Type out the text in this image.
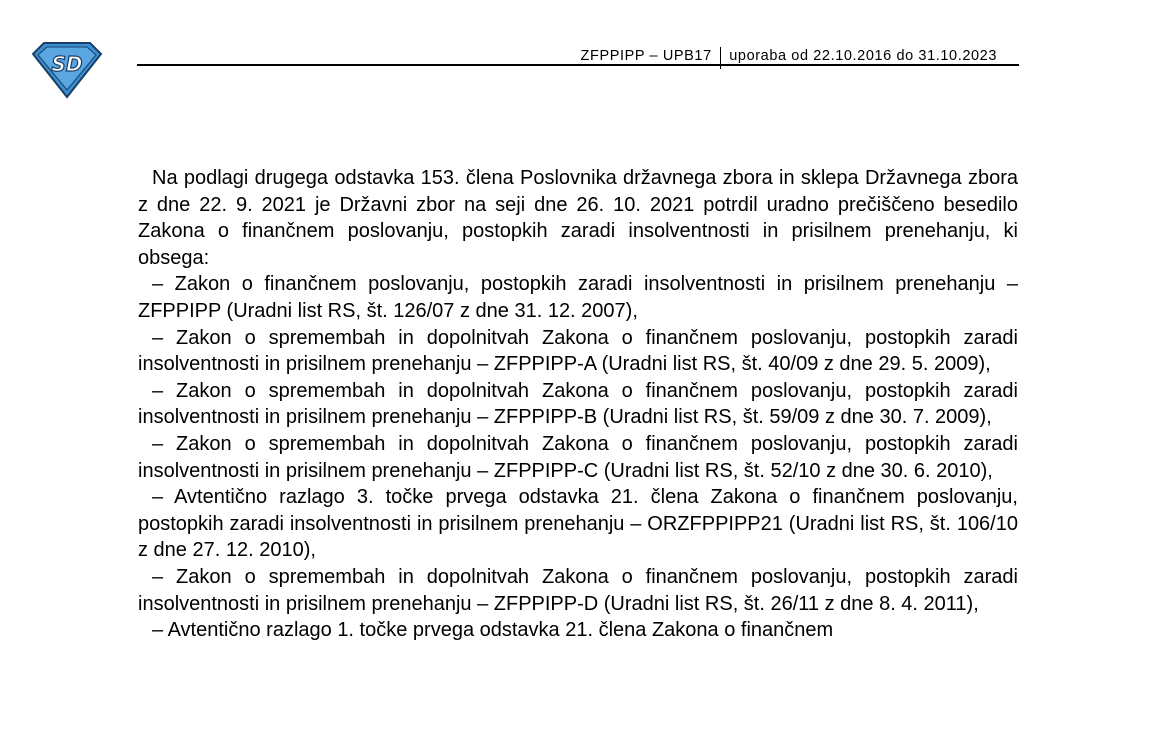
SD	ZFPPIPP – UPB17 uporaba od 22.10.2016 do 31.10.2023

Na podlagi drugega odstavka 153. člena Poslovnika državnega zbora in sklepa Državnega zbora z dne 22. 9. 2021 je Državni zbor na seji dne 26. 10. 2021 potrdil uradno prečiščeno besedilo Zakona o finančnem poslovanju, postopkih zaradi insolventnosti in prisilnem prenehanju, ki obsega:

– Zakon o finančnem poslovanju, postopkih zaradi insolventnosti in prisilnem prenehanju – ZFPPIPP (Uradni list RS, št. 126/07 z dne 31. 12. 2007),

– Zakon o spremembah in dopolnitvah Zakona o finančnem poslovanju, postopkih zaradi insolventnosti in prisilnem prenehanju – ZFPPIPP-A (Uradni list RS, št. 40/09 z dne 29. 5. 2009),

– Zakon o spremembah in dopolnitvah Zakona o finančnem poslovanju, postopkih zaradi insolventnosti in prisilnem prenehanju – ZFPPIPP-B (Uradni list RS, št. 59/09 z dne 30. 7. 2009),

– Zakon o spremembah in dopolnitvah Zakona o finančnem poslovanju, postopkih zaradi insolventnosti in prisilnem prenehanju – ZFPPIPP-C (Uradni list RS, št. 52/10 z dne 30. 6. 2010),

– Avtentično razlago 3. točke prvega odstavka 21. člena Zakona o finančnem poslovanju, postopkih zaradi insolventnosti in prisilnem prenehanju – ORZFPPIPP21 (Uradni list RS, št. 106/10 z dne 27. 12. 2010),

– Zakon o spremembah in dopolnitvah Zakona o finančnem poslovanju, postopkih zaradi insolventnosti in prisilnem prenehanju – ZFPPIPP-D (Uradni list RS, št. 26/11 z dne 8. 4. 2011),

– Avtentično razlago 1. točke prvega odstavka 21. člena Zakona o finančnem
